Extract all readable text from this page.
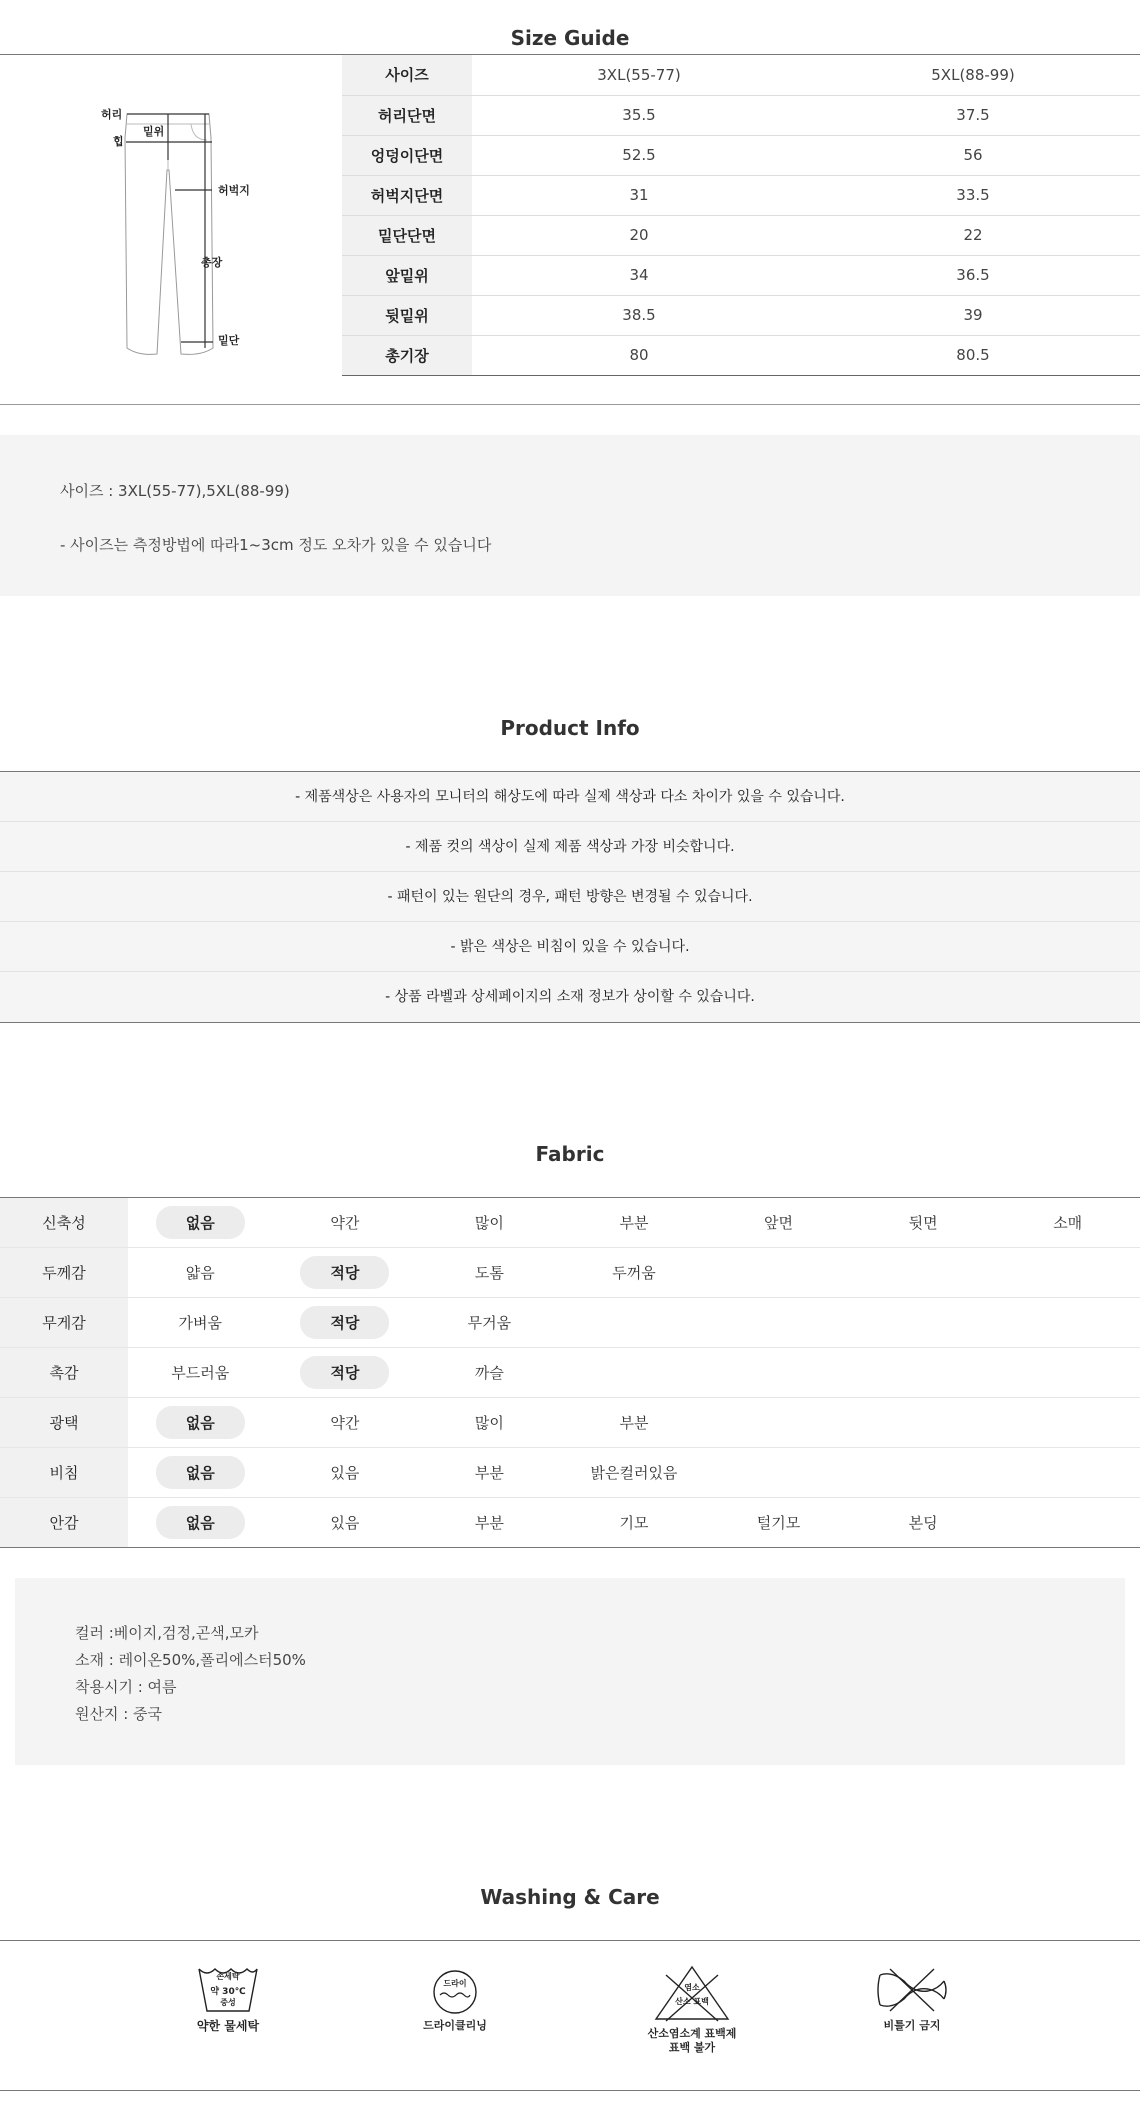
Size Guide
허리
힙
밑위
허벅지
총장
밑단
사이즈	3XL(55-77)	5XL(88-99)
허리단면	35.5	37.5
엉덩이단면	52.5	56
허벅지단면	31	33.5
밑단단면	20	22
앞밑위	34	36.5
뒷밑위	38.5	39
총기장	80	80.5

사이즈 : 3XL(55-77),5XL(88-99)

- 사이즈는 측정방법에 따라1~3cm 정도 오차가 있을 수 있습니다

Product Info
- 제품색상은 사용자의 모니터의 해상도에 따라 실제 색상과 다소 차이가 있을 수 있습니다.
- 제품 컷의 색상이 실제 제품 색상과 가장 비슷합니다.
- 패턴이 있는 원단의 경우, 패턴 방향은 변경될 수 있습니다.
- 밝은 색상은 비침이 있을 수 있습니다.
- 상품 라벨과 상세페이지의 소재 정보가 상이할 수 있습니다.
Fabric
신축성	없음	약간	많이	부분	앞면	뒷면	소매
두께감	얇음	적당	도톰	두꺼움			
무게감	가벼움	적당	무거움				
촉감	부드러움	적당	까슬				
광택	없음	약간	많이	부분			
비침	없음	있음	부분	밝은컬러있음			
안감	없음	있음	부분	기모	털기모	본딩	

컬러 :베이지,검정,곤색,모카

소재 : 레이온50%,폴리에스터50%

착용시기 : 여름

원산지 : 중국

Washing & Care
손세탁
약 30℃
중성
약한 물세탁
드라이
드라이클리닝
염소
산소 표백
산소염소계 표백제
표백 불가
비틀기 금지
